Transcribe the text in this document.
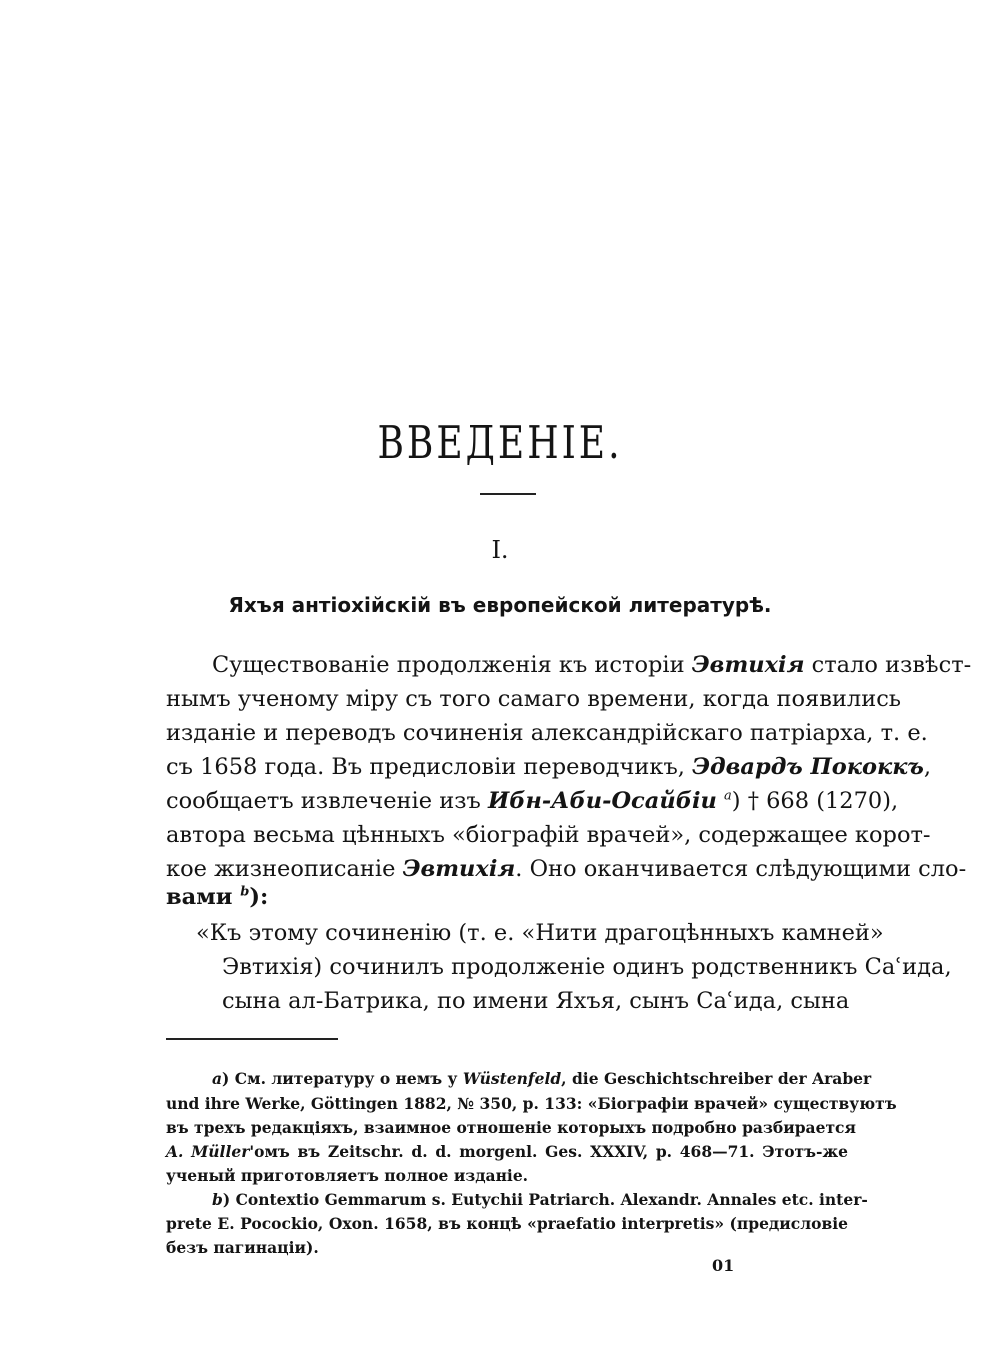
ВВЕДЕНІЕ.
I.
Яхъя антіохійскій въ европейской литературѣ.
Существованіе продолженія къ исторіи Эвтихія стало извѣст-
нымъ ученому міру съ того самаго времени, когда появились
изданіе и переводъ сочиненія александрійскаго патріарха, т. е.
съ 1658 года. Въ предисловіи переводчикъ, Эдвардъ Пококкъ,
сообщаетъ извлеченіе изъ Ибн-Аби-Осайбіи $^a$) † 668 (1270),
автора весьма цѣнныхъ «біографій врачей», содержащее корот-
кое жизнеописаніе Эвтихія. Оно оканчивается слѣдующими сло-
вами $^b$):
«Къ этому сочиненію (т. е. «Нити драгоцѣнныхъ камней»
Эвтихія) сочинилъ продолженіе одинъ родственникъ Саʿида,
сына ал-Батрика, по имени Яхъя, сынъ Саʿида, сына
a) См. литературу о немъ у Wüstenfeld, die Geschichtschreiber der Araber
und ihre Werke, Göttingen 1882, № 350, p. 133: «Біографіи врачей» существуютъ
въ трехъ редакціяхъ, взаимное отношеніе которыхъ подробно разбирается
A. Müller'омъ въ Zeitschr. d. d. morgenl. Ges. XXXIV, p. 468—71. Этотъ-же
ученый приготовляетъ полное изданіе.
b) Contextio Gemmarum s. Eutychii Patriarch. Alexandr. Annales etc. inter-
prete E. Pocockio, Oxon. 1658, въ концѣ «praefatio interpretis» (предисловіе
безъ пагинаціи).
01
